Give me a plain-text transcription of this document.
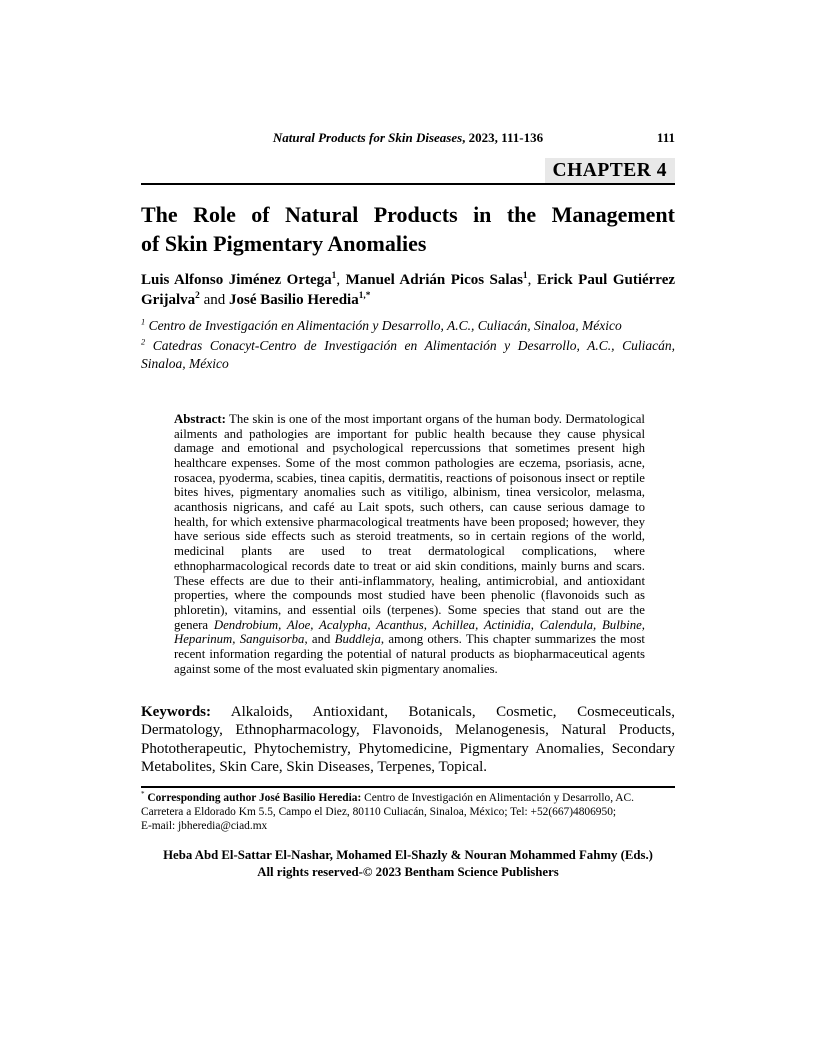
Natural Products for Skin Diseases, 2023, 111-136	111
CHAPTER 4
The Role of Natural Products in the Management
of Skin Pigmentary Anomalies

Luis Alfonso Jiménez Ortega$^1$, Manuel Adrián Picos Salas$^1$, Erick Paul Gutiérrez Grijalva$^2$ and José Basilio Heredia$^{1,*}$

$^1$ Centro de Investigación en Alimentación y Desarrollo, A.C., Culiacán, Sinaloa, México

$^2$ Catedras Conacyt-Centro de Investigación en Alimentación y Desarrollo, A.C., Culiacán, Sinaloa, México

Abstract: The skin is one of the most important organs of the human body. Dermatological ailments and pathologies are important for public health because they cause physical damage and emotional and psychological repercussions that sometimes present high healthcare expenses. Some of the most common pathologies are eczema, psoriasis, acne, rosacea, pyoderma, scabies, tinea capitis, dermatitis, reactions of poisonous insect or reptile bites hives, pigmentary anomalies such as vitiligo, albinism, tinea versicolor, melasma, acanthosis nigricans, and café au Lait spots, such others, can cause serious damage to health, for which extensive pharmacological treatments have been proposed; however, they have serious side effects such as steroid treatments, so in certain regions of the world, medicinal plants are used to treat dermatological complications, where ethnopharmacological records date to treat or aid skin conditions, mainly burns and scars. These effects are due to their anti-inflammatory, healing, antimicrobial, and antioxidant properties, where the compounds most studied have been phenolic (flavonoids such as phloretin), vitamins, and essential oils (terpenes). Some species that stand out are the genera Dendrobium, Aloe, Acalypha, Acanthus, Achillea, Actinidia, Calendula, Bulbine, Heparinum, Sanguisorba, and Buddleja, among others. This chapter summarizes the most recent information regarding the potential of natural products as biopharmaceutical agents against some of the most evaluated skin pigmentary anomalies.

Keywords: Alkaloids, Antioxidant, Botanicals, Cosmetic, Cosmeceuticals, Dermatology, Ethnopharmacology, Flavonoids, Melanogenesis, Natural Products, Phototherapeutic, Phytochemistry, Phytomedicine, Pigmentary Anomalies, Secondary Metabolites, Skin Care, Skin Diseases, Terpenes, Topical.

* Corresponding author José Basilio Heredia: Centro de Investigación en Alimentación y Desarrollo, AC. Carretera a Eldorado Km 5.5, Campo el Diez, 80110 Culiacán, Sinaloa, México; Tel: +52(667)4806950;

E-mail: jbheredia@ciad.mx

Heba Abd El-Sattar El-Nashar, Mohamed El-Shazly & Nouran Mohammed Fahmy (Eds.)

All rights reserved-© 2023 Bentham Science Publishers
